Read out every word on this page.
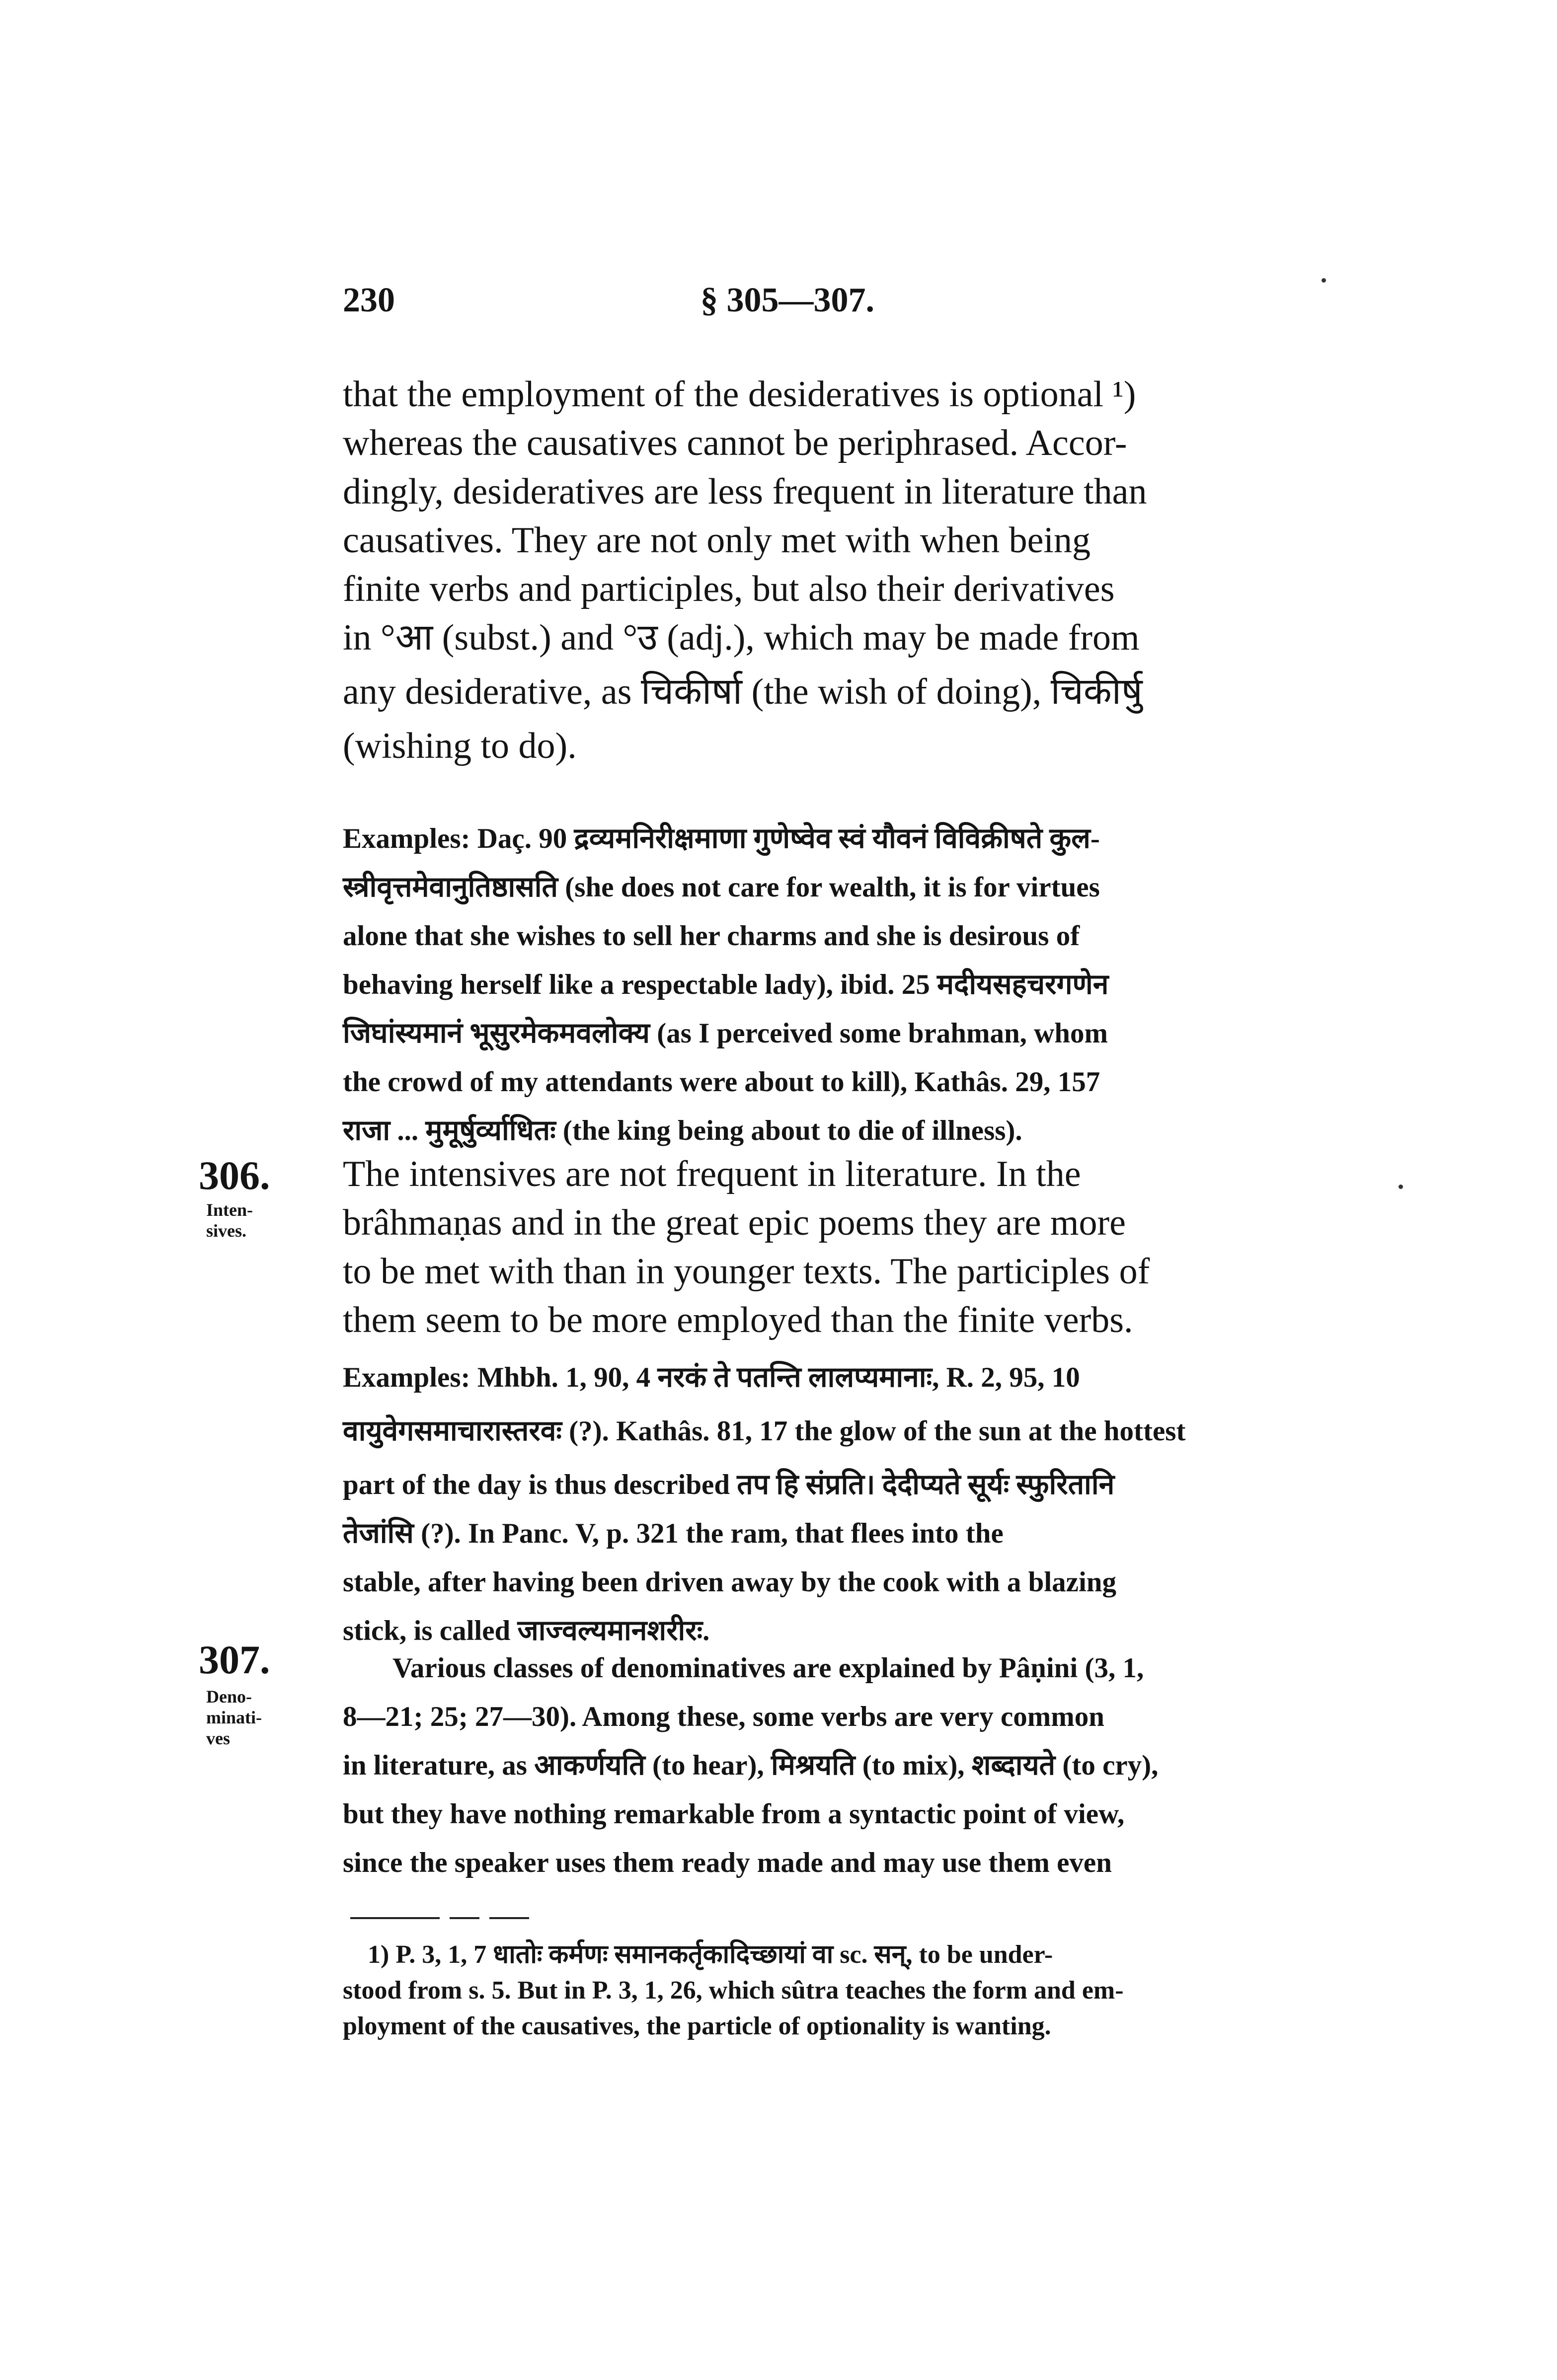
230	§ 305—307.
that the employment of the desideratives is optional ¹)
whereas the causatives cannot be periphrased. Accor-
dingly, desideratives are less frequent in literature than
causatives. They are not only met with when being
finite verbs and participles, but also their derivatives
in °आ (subst.) and °उ (adj.), which may be made from
any desiderative, as चिकीर्षा (the wish of doing), चिकीर्षु
(wishing to do).
Examples: Daç. 90 द्रव्यमनिरीक्षमाणा गुणेष्वेव स्वं यौवनं विविक्रीषते कुल-
स्त्रीवृत्तमेवानुतिष्ठासति (she does not care for wealth, it is for virtues
alone that she wishes to sell her charms and she is desirous of
behaving herself like a respectable lady), ibid. 25 मदीयसहचरगणेन
जिघांस्यमानं भूसुरमेकमवलोक्य (as I perceived some brahman, whom
the crowd of my attendants were about to kill), Kathâs. 29, 157
राजा ... मुमूर्षुर्व्याधितः (the king being about to die of illness).
306.
Inten-
sives.
The intensives are not frequent in literature. In the
brâhmaṇas and in the great epic poems they are more
to be met with than in younger texts. The participles of
them seem to be more employed than the finite verbs.
Examples: Mhbh. 1, 90, 4 नरकं ते पतन्ति लालप्यमानाः, R. 2, 95, 10
वायुवेगसमाचारास्तरवः (?). Kathâs. 81, 17 the glow of the sun at the hottest
part of the day is thus described तप हि संप्रति। देदीप्यते सूर्यः स्फुरितानि
तेजांसि (?). In Panc. V, p. 321 the ram, that flees into the
stable, after having been driven away by the cook with a blazing
stick, is called जाज्वल्यमानशरीरः.
307.
Deno-
minati-
ves
Various classes of denominatives are explained by Pâṇini (3, 1,
8—21; 25; 27—30). Among these, some verbs are very common
in literature, as आकर्णयति (to hear), मिश्रयति (to mix), शब्दायते (to cry),
but they have nothing remarkable from a syntactic point of view,
since the speaker uses them ready made and may use them even
1) P. 3, 1, 7 धातोः कर्मणः समानकर्तृकादिच्छायां वा sc. सन्, to be under-
stood from s. 5. But in P. 3, 1, 26, which sûtra teaches the form and em-
ployment of the causatives, the particle of optionality is wanting.
